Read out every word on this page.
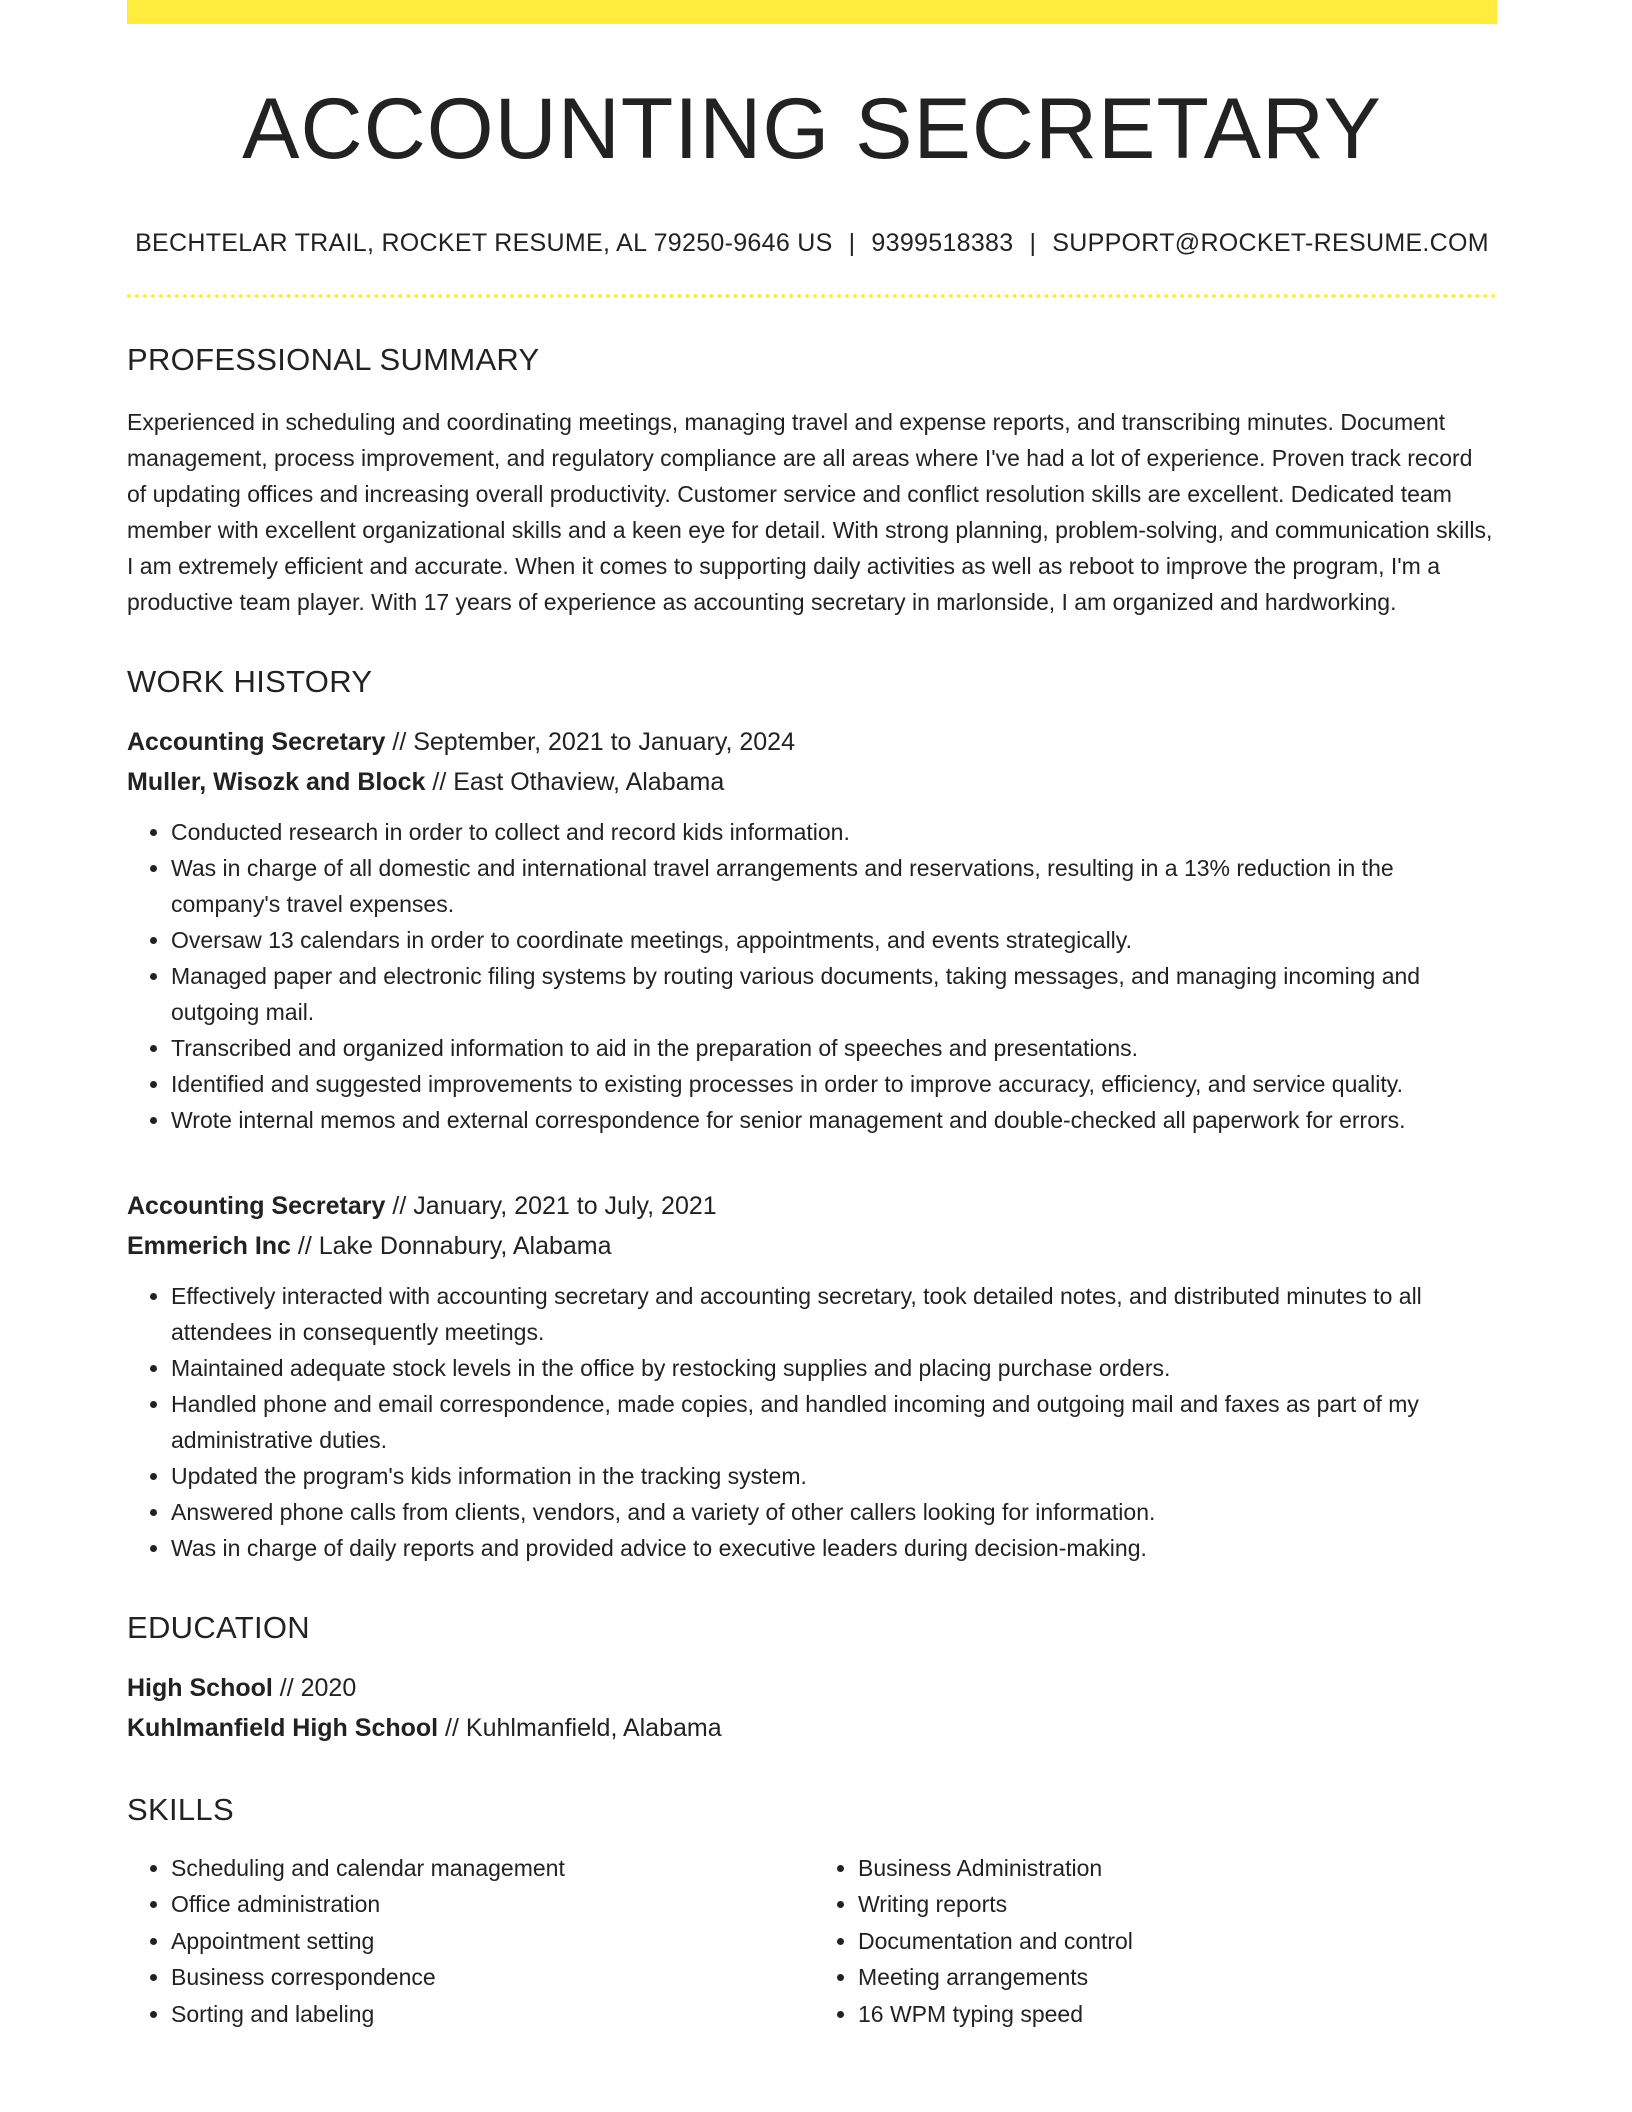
ACCOUNTING SECRETARY
BECHTELAR TRAIL, ROCKET RESUME, AL 79250-9646 US | 9399518383 | SUPPORT@ROCKET-RESUME.COM
PROFESSIONAL SUMMARY

Experienced in scheduling and coordinating meetings, managing travel and expense reports, and transcribing minutes. Document management, process improvement, and regulatory compliance are all areas where I've had a lot of experience. Proven track record of updating offices and increasing overall productivity. Customer service and conflict resolution skills are excellent. Dedicated team member with excellent organizational skills and a keen eye for detail. With strong planning, problem-solving, and communication skills, I am extremely efficient and accurate. When it comes to supporting daily activities as well as reboot to improve the program, I'm a productive team player. With 17 years of experience as accounting secretary in marlonside, I am organized and hardworking.

WORK HISTORY
Accounting Secretary // September, 2021 to January, 2024
Muller, Wisozk and Block // East Othaview, Alabama
• Conducted research in order to collect and record kids information.
• Was in charge of all domestic and international travel arrangements and reservations, resulting in a 13% reduction in the company's travel expenses.
• Oversaw 13 calendars in order to coordinate meetings, appointments, and events strategically.
• Managed paper and electronic filing systems by routing various documents, taking messages, and managing incoming and outgoing mail.
• Transcribed and organized information to aid in the preparation of speeches and presentations.
• Identified and suggested improvements to existing processes in order to improve accuracy, efficiency, and service quality.
• Wrote internal memos and external correspondence for senior management and double-checked all paperwork for errors.
Accounting Secretary // January, 2021 to July, 2021
Emmerich Inc // Lake Donnabury, Alabama
• Effectively interacted with accounting secretary and accounting secretary, took detailed notes, and distributed minutes to all attendees in consequently meetings.
• Maintained adequate stock levels in the office by restocking supplies and placing purchase orders.
• Handled phone and email correspondence, made copies, and handled incoming and outgoing mail and faxes as part of my administrative duties.
• Updated the program's kids information in the tracking system.
• Answered phone calls from clients, vendors, and a variety of other callers looking for information.
• Was in charge of daily reports and provided advice to executive leaders during decision-making.
EDUCATION
High School // 2020
Kuhlmanfield High School // Kuhlmanfield, Alabama
SKILLS
• Scheduling and calendar management
• Office administration
• Appointment setting
• Business correspondence
• Sorting and labeling
• Business Administration
• Writing reports
• Documentation and control
• Meeting arrangements
• 16 WPM typing speed
